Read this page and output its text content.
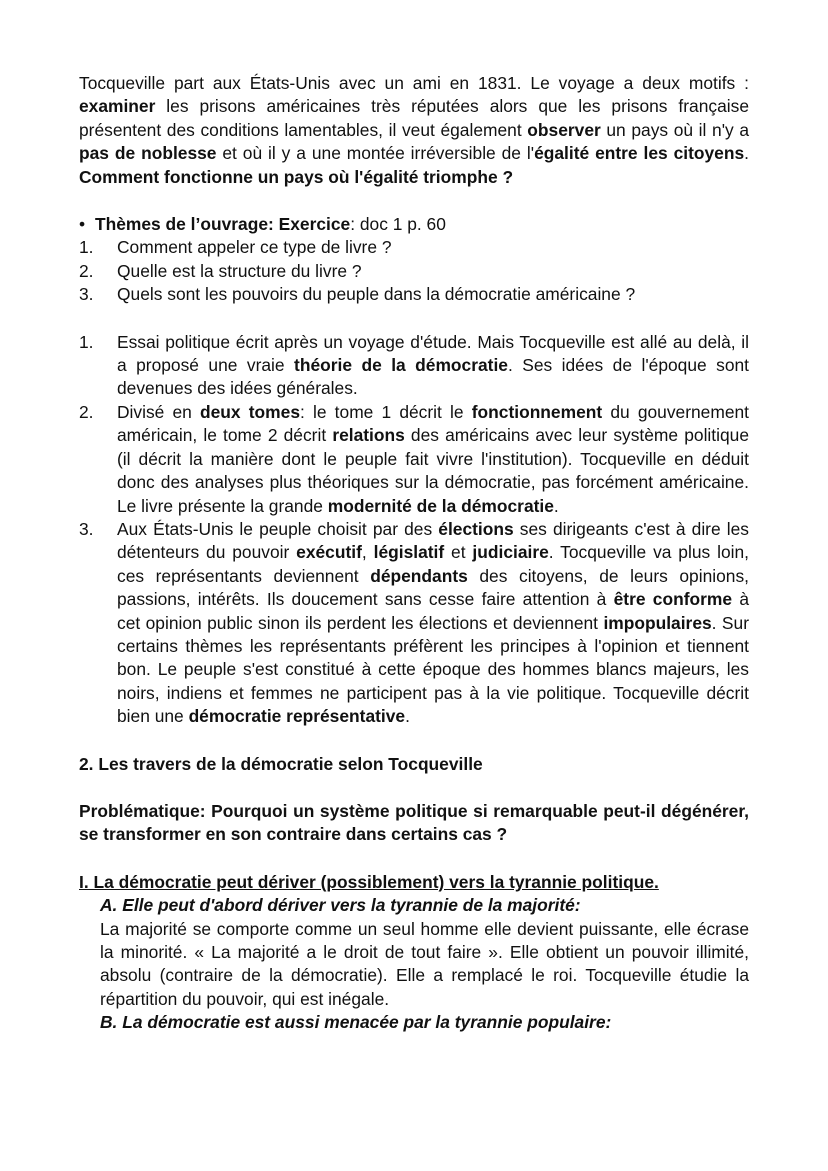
Tocqueville part aux États-Unis avec un ami en 1831. Le voyage a deux motifs : examiner les prisons américaines très réputées alors que les prisons française présentent des conditions lamentables, il veut également observer un pays où il n'y a pas de noblesse et où il y a une montée irréversible de l'égalité entre les citoyens. Comment fonctionne un pays où l'égalité triomphe ?

• Thèmes de l’ouvrage: Exercice: doc 1 p. 60
1.	Comment appeler ce type de livre ?
2.	Quelle est la structure du livre ?
3.	Quels sont les pouvoirs du peuple dans la démocratie américaine ?
1.	Essai politique écrit après un voyage d'étude. Mais Tocqueville est allé au delà, il a proposé une vraie théorie de la démocratie. Ses idées de l'époque sont devenues des idées générales.
2.	Divisé en deux tomes: le tome 1 décrit le fonctionnement du gouvernement américain, le tome 2 décrit relations des américains avec leur système politique (il décrit la manière dont le peuple fait vivre l'institution). Tocqueville en déduit donc des analyses plus théoriques sur la démocratie, pas forcément américaine. Le livre présente la grande modernité de la démocratie.
3.	Aux États-Unis le peuple choisit par des élections ses dirigeants c'est à dire les détenteurs du pouvoir exécutif, législatif et judiciaire. Tocqueville va plus loin, ces représentants deviennent dépendants des citoyens, de leurs opinions, passions, intérêts. Ils doucement sans cesse faire attention à être conforme à cet opinion public sinon ils perdent les élections et deviennent impopulaires. Sur certains thèmes les représentants préfèrent les principes à l'opinion et tiennent bon. Le peuple s'est constitué à cette époque des hommes blancs majeurs, les noirs, indiens et femmes ne participent pas à la vie politique. Tocqueville décrit bien une démocratie représentative.

2. Les travers de la démocratie selon Tocqueville

Problématique: Pourquoi un système politique si remarquable peut-il dégénérer, se transformer en son contraire dans certains cas ?

I. La démocratie peut dériver (possiblement) vers la tyrannie politique.

A. Elle peut d'abord dériver vers la tyrannie de la majorité:

La majorité se comporte comme un seul homme elle devient puissante, elle écrase la minorité. « La majorité a le droit de tout faire ». Elle obtient un pouvoir illimité, absolu (contraire de la démocratie). Elle a remplacé le roi. Tocqueville étudie la répartition du pouvoir, qui est inégale.

B. La démocratie est aussi menacée par la tyrannie populaire:
